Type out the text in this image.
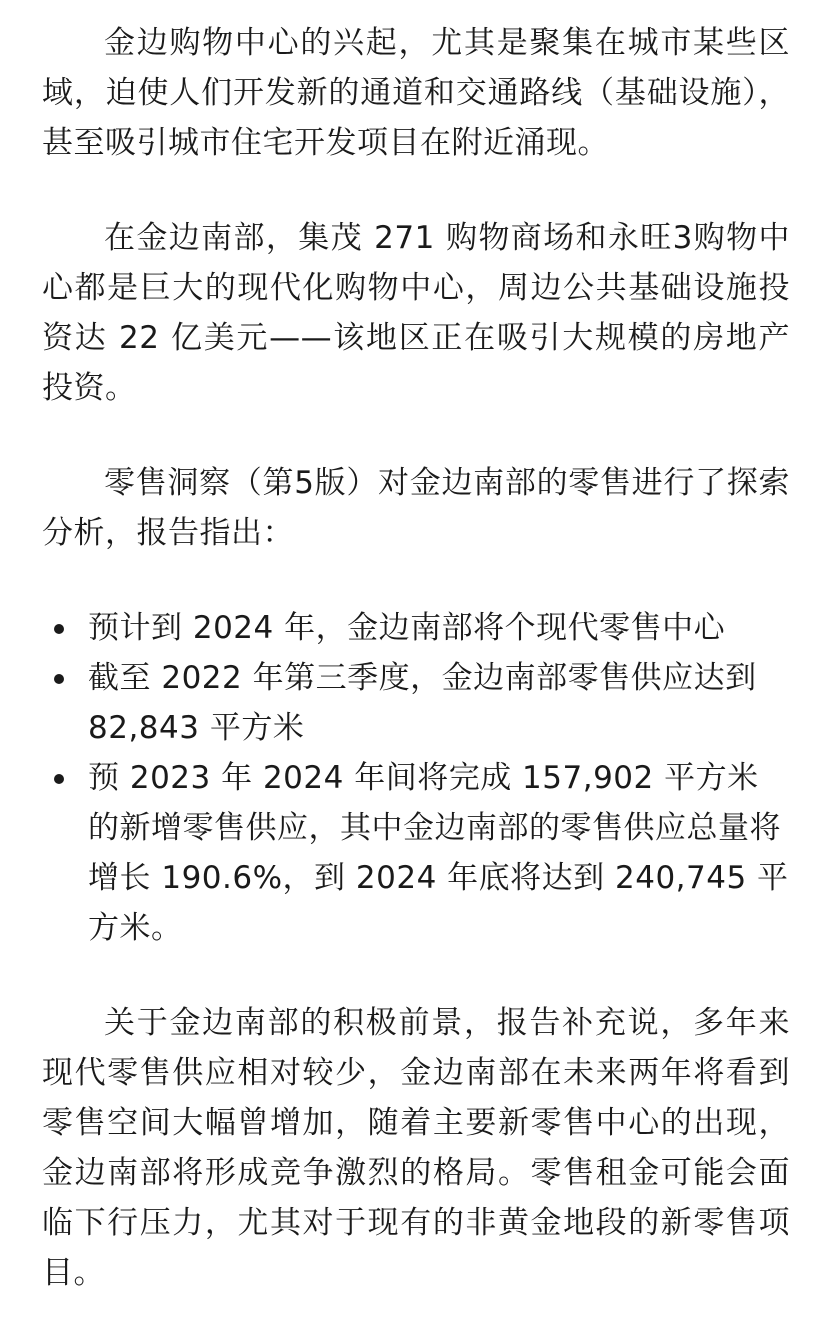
金边购物中心的兴起，尤其是聚集在城市某些区域，迫使人们开发新的通道和交通路线（基础设施），甚至吸引城市住宅开发项目在附近涌现。

在金边南部，集茂 271 购物商场和永旺3购物中心都是巨大的现代化购物中心，周边公共基础设施投资达 22 亿美元——该地区正在吸引大规模的房地产投资。

零售洞察（第5版）对金边南部的零售进行了探索分析，报告指出：

预计到 2024 年，金边南部将个现代零售中心
截至 2022 年第三季度，金边南部零售供应达到 82,843 平方米
预 2023 年 2024 年间将完成 157,902 平方米的新增零售供应，其中金边南部的零售供应总量将增长 190.6%，到 2024 年底将达到 240,745 平方米。

关于金边南部的积极前景，报告补充说，多年来现代零售供应相对较少，金边南部在未来两年将看到零售空间大幅曾增加，随着主要新零售中心的出现，金边南部将形成竞争激烈的格局。零售租金可能会面临下行压力，尤其对于现有的非黄金地段的新零售项目。
